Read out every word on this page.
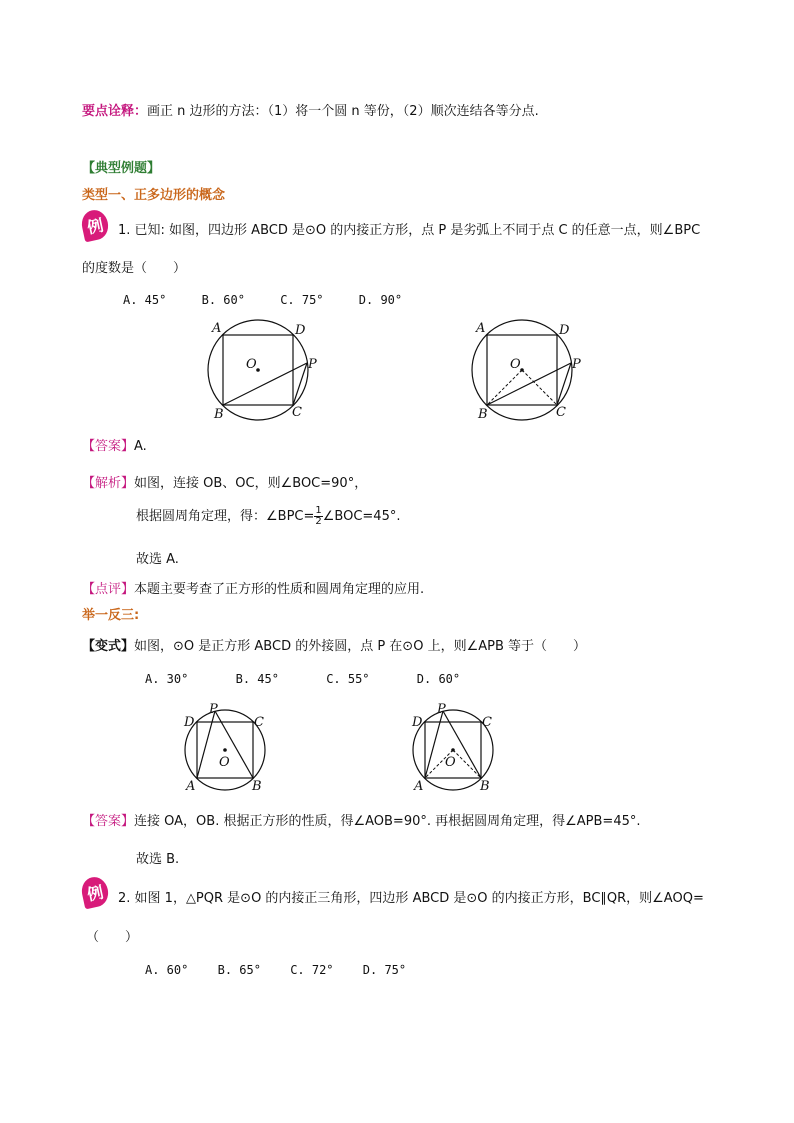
要点诠释：画正 n 边形的方法：（1）将一个圆 n 等份，（2）顺次连结各等分点.
【典型例题】
类型一、正多边形的概念
例 1. 已知: 如图，四边形 ABCD 是⊙O 的内接正方形，点 P 是劣弧上不同于点 C 的任意一点，则∠BPC
的度数是（　　）
A. 45°	B. 60°	C. 75°	D. 90°
A	D
O	P
B	C
A	D
O	P
B	C
【答案】A.
【解析】如图，连接 OB、OC，则∠BOC=90°，
根据圆周角定理，得：∠BPC= $\frac{1}{2}$ ∠BOC=45°.
故选 A.
【点评】本题主要考查了正方形的性质和圆周角定理的应用.
举一反三:
【变式】如图，⊙O 是正方形 ABCD 的外接圆，点 P 在⊙O 上，则∠APB 等于（　　）
A. 30°	B. 45°	C. 55°	D. 60°
D
P
C
O
A	B
D
P
C
O
A	B
【答案】连接 OA，OB. 根据正方形的性质，得∠AOB=90°. 再根据圆周角定理，得∠APB=45°.
故选 B.
例 2. 如图 1，△PQR 是⊙O 的内接正三角形，四边形 ABCD 是⊙O 的内接正方形，BC∥QR，则∠AOQ=
（　　）
A. 60° B. 65° C. 72° D. 75°
